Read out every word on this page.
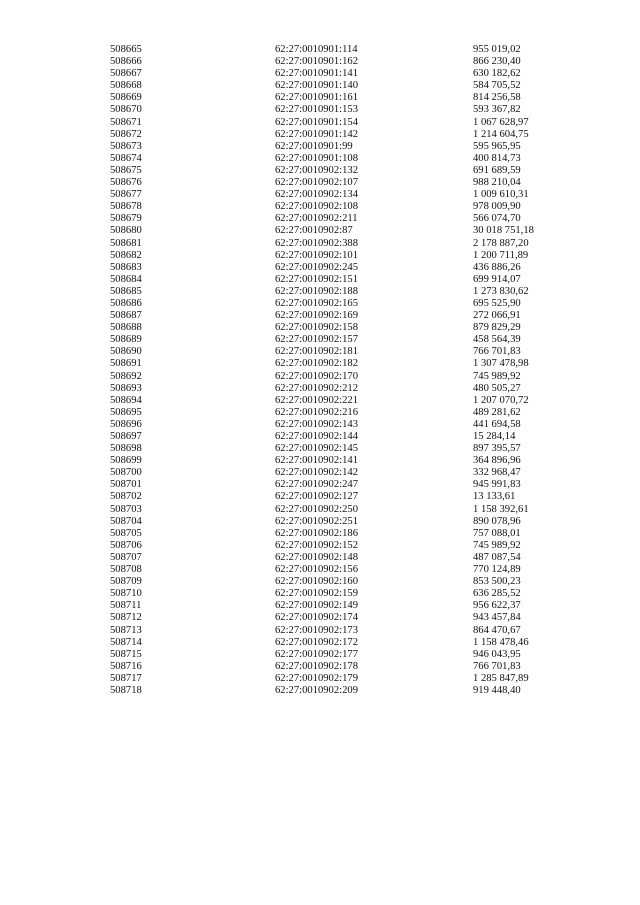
508665	62:27:0010901:114	955 019,02
508666	62:27:0010901:162	866 230,40
508667	62:27:0010901:141	630 182,62
508668	62:27:0010901:140	584 705,52
508669	62:27:0010901:161	814 256,58
508670	62:27:0010901:153	593 367,82
508671	62:27:0010901:154	1 067 628,97
508672	62:27:0010901:142	1 214 604,75
508673	62:27:0010901:99	595 965,95
508674	62:27:0010901:108	400 814,73
508675	62:27:0010902:132	691 689,59
508676	62:27:0010902:107	988 210,04
508677	62:27:0010902:134	1 009 610,31
508678	62:27:0010902:108	978 009,90
508679	62:27:0010902:211	566 074,70
508680	62:27:0010902:87	30 018 751,18
508681	62:27:0010902:388	2 178 887,20
508682	62:27:0010902:101	1 200 711,89
508683	62:27:0010902:245	436 886,26
508684	62:27:0010902:151	699 914,07
508685	62:27:0010902:188	1 273 830,62
508686	62:27:0010902:165	695 525,90
508687	62:27:0010902:169	272 066,91
508688	62:27:0010902:158	879 829,29
508689	62:27:0010902:157	458 564,39
508690	62:27:0010902:181	766 701,83
508691	62:27:0010902:182	1 307 478,98
508692	62:27:0010902:170	745 989,92
508693	62:27:0010902:212	480 505,27
508694	62:27:0010902:221	1 207 070,72
508695	62:27:0010902:216	489 281,62
508696	62:27:0010902:143	441 694,58
508697	62:27:0010902:144	15 284,14
508698	62:27:0010902:145	897 395,57
508699	62:27:0010902:141	364 896,96
508700	62:27:0010902:142	332 968,47
508701	62:27:0010902:247	945 991,83
508702	62:27:0010902:127	13 133,61
508703	62:27:0010902:250	1 158 392,61
508704	62:27:0010902:251	890 078,96
508705	62:27:0010902:186	757 088,01
508706	62:27:0010902:152	745 989,92
508707	62:27:0010902:148	487 087,54
508708	62:27:0010902:156	770 124,89
508709	62:27:0010902:160	853 500,23
508710	62:27:0010902:159	636 285,52
508711	62:27:0010902:149	956 622,37
508712	62:27:0010902:174	943 457,84
508713	62:27:0010902:173	864 470,67
508714	62:27:0010902:172	1 158 478,46
508715	62:27:0010902:177	946 043,95
508716	62:27:0010902:178	766 701,83
508717	62:27:0010902:179	1 285 847,89
508718	62:27:0010902:209	919 448,40
